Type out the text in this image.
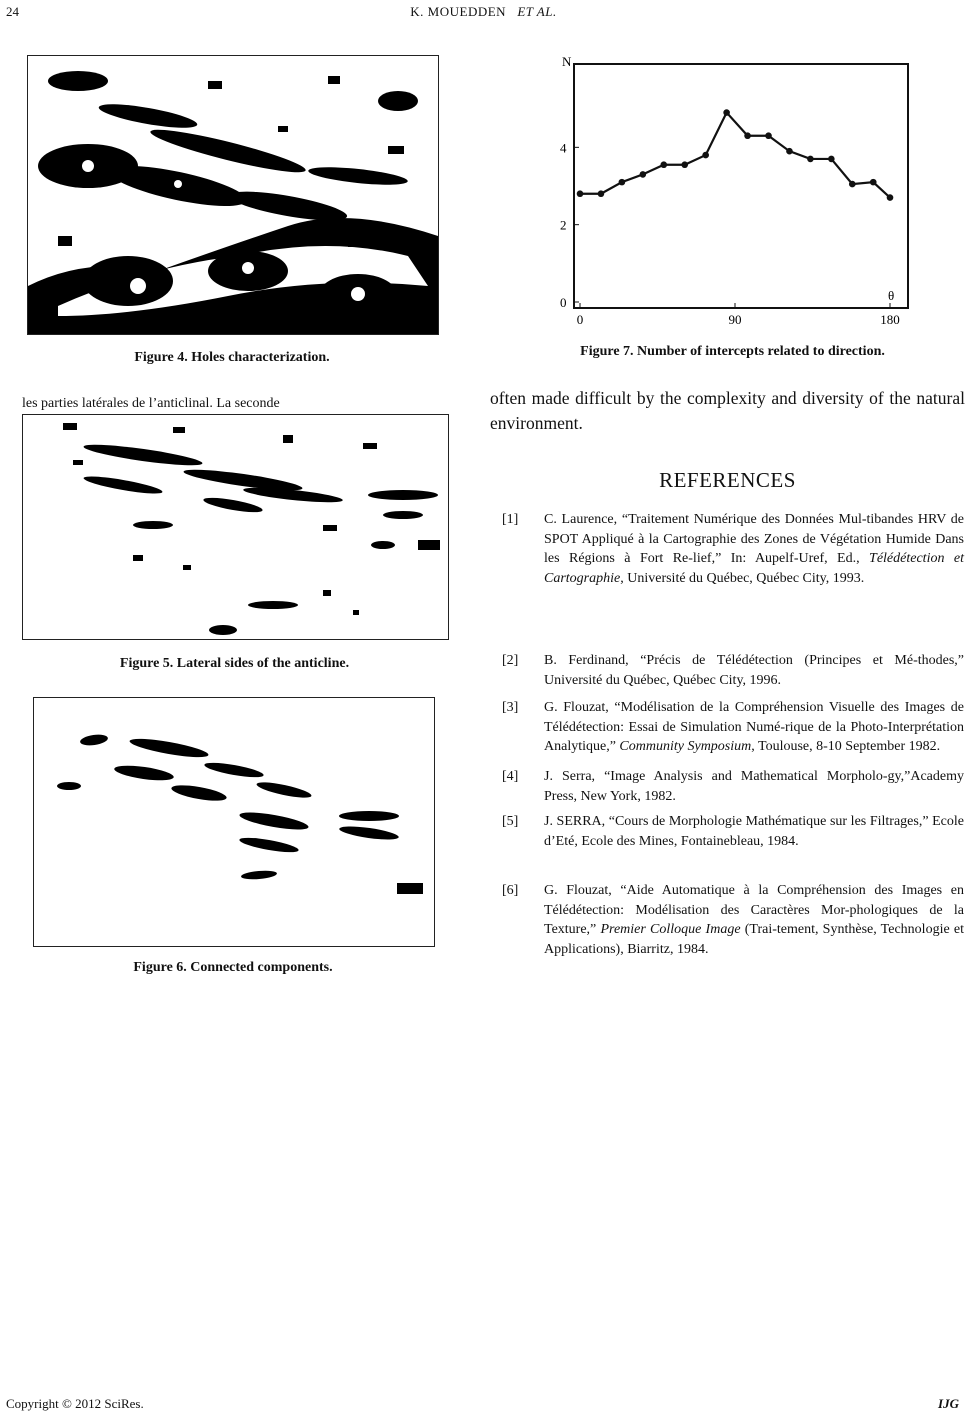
24	K. MOUEDDEN ET AL.
Figure 4. Holes characterization.
les parties latérales de l’anticlinal. La seconde
Figure 5. Lateral sides of the anticline.
Figure 6. Connected components.
0
2
4
0	90	180
N
θ
Figure 7. Number of intercepts related to direction.
often made difficult by the complexity and diversity of the natural environment.
REFERENCES
[1] C. Laurence, “Traitement Numérique des Données Mul-tibandes HRV de SPOT Appliqué à la Cartographie des Zones de Végétation Humide Dans les Régions à Fort Re-lief,” In: Aupelf-Uref, Ed., Télédétection et Cartographie, Université du Québec, Québec City, 1993.
[2] B. Ferdinand, “Précis de Télédétection (Principes et Mé-thodes,” Université du Québec, Québec City, 1996.
[3] G. Flouzat, “Modélisation de la Compréhension Visuelle des Images de Télédétection: Essai de Simulation Numé-rique de la Photo-Interprétation Analytique,” Community Symposium, Toulouse, 8-10 September 1982.
[4] J. Serra, “Image Analysis and Mathematical Morpholo-gy,”Academy Press, New York, 1982.
[5] J. SERRA, “Cours de Morphologie Mathématique sur les Filtrages,” Ecole d’Eté, Ecole des Mines, Fontainebleau, 1984.
[6] G. Flouzat, “Aide Automatique à la Compréhension des Images en Télédétection: Modélisation des Caractères Mor-phologiques de la Texture,” Premier Colloque Image (Trai-tement, Synthèse, Technologie et Applications), Biarritz, 1984.
Copyright © 2012 SciRes.	IJG
